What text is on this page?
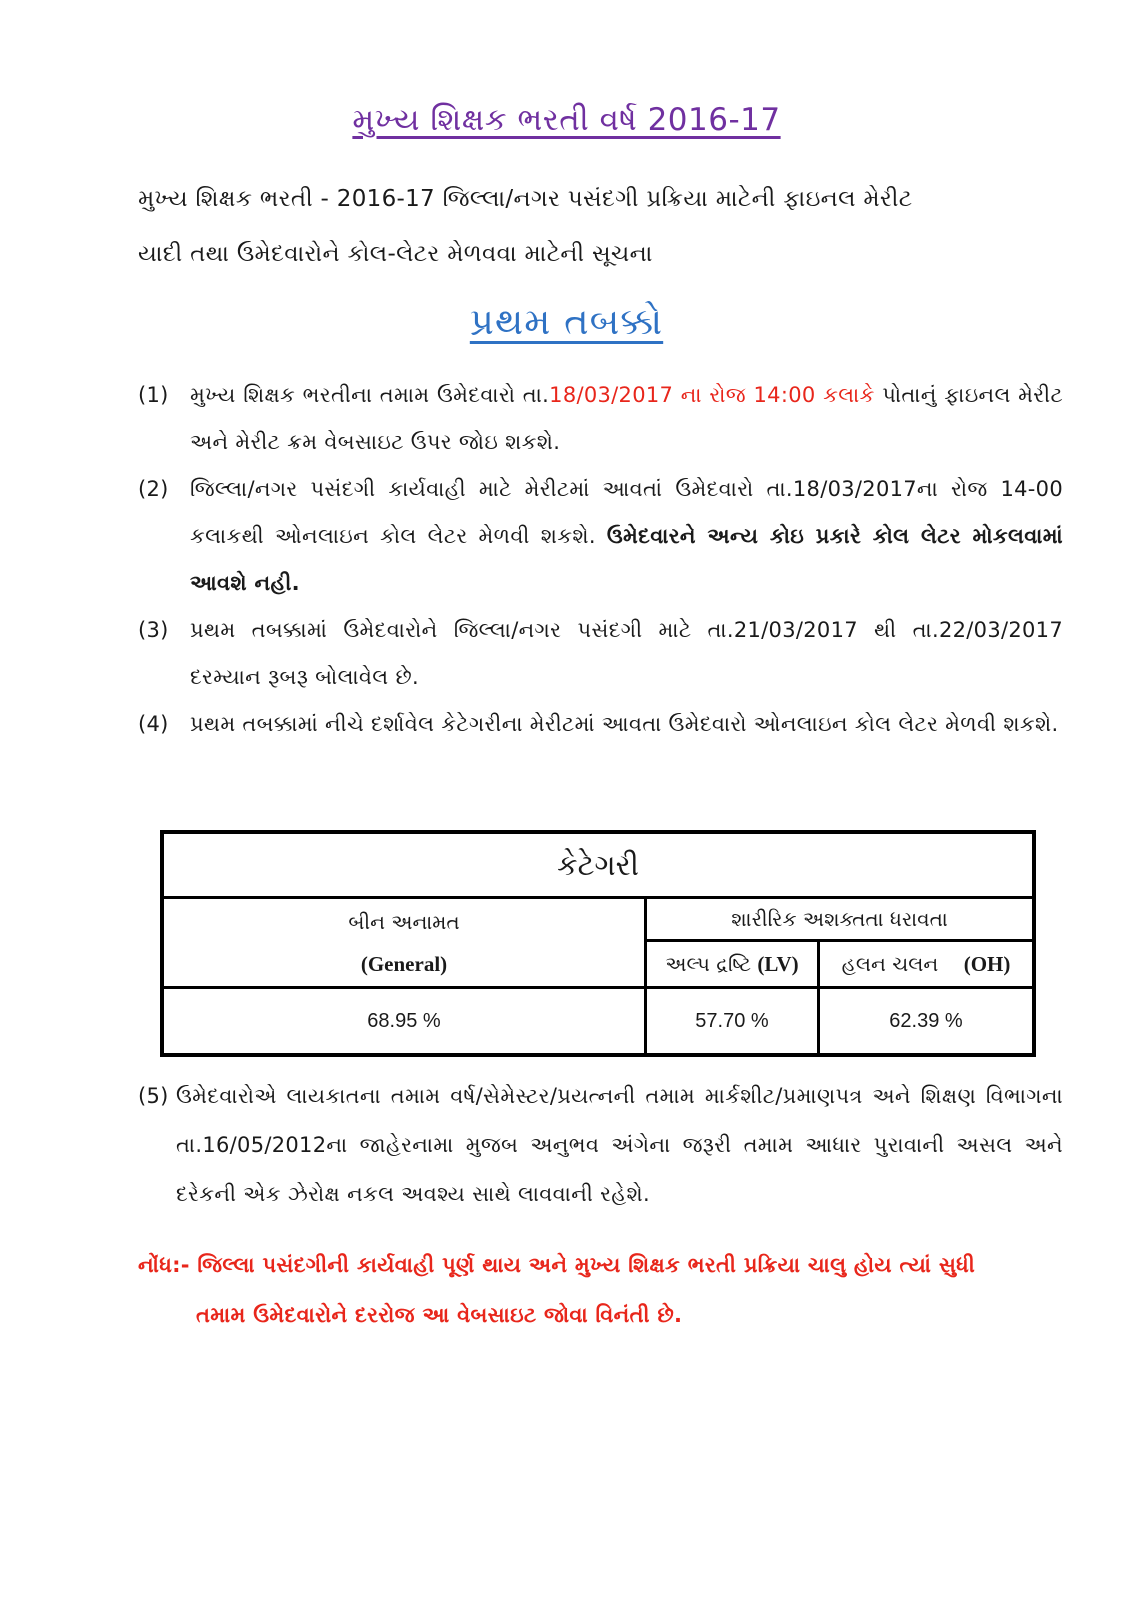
મુખ્ય શિક્ષક ભરતી વર્ષ 2016-17
મુખ્ય શિક્ષક ભરતી - 2016-17 જિલ્લા/નગર પસંદગી પ્રક્રિયા માટેની ફાઇનલ મેરીટ
યાદી તથા ઉમેદવારોને કોલ-લેટર મેળવવા માટેની સૂચના
પ્રથમ તબક્કો
(1) મુખ્ય શિક્ષક ભરતીના તમામ ઉમેદવારો તા.18/03/2017 ના રોજ 14:00 કલાકે પોતાનું ફાઇનલ મેરીટ અને મેરીટ ક્રમ વેબસાઇટ ઉપર જોઇ શકશે.
(2) જિલ્લા/નગર પસંદગી કાર્યવાહી માટે મેરીટમાં આવતાં ઉમેદવારો તા.18/03/2017ના રોજ 14-00 કલાકથી ઓનલાઇન કોલ લેટર મેળવી શકશે. ઉમેદવારને અન્ય કોઇ પ્રકારે કોલ લેટર મોકલવામાં આવશે નહી.
(3) પ્રથમ તબક્કામાં ઉમેદવારોને જિલ્લા/નગર પસંદગી માટે તા.21/03/2017 થી તા.22/03/2017 દરમ્યાન રૂબરૂ બોલાવેલ છે.
(4) પ્રથમ તબક્કામાં નીચે દર્શાવેલ કેટેગરીના મેરીટમાં આવતા ઉમેદવારો ઓનલાઇન કોલ લેટર મેળવી શકશે.
કેટેગરી		
બીન અનામત
(General)	શારીરિક અશક્તતા ધરાવતા	
	અલ્પ દ્રષ્ટિ (LV)	હલન ચલન (OH)
68.95 %	57.70 %	62.39 %
(5) ઉમેદવારોએ લાયકાતના તમામ વર્ષ/સેમેસ્ટર/પ્રયત્નની તમામ માર્કશીટ/પ્રમાણપત્ર અને શિક્ષણ વિભાગના તા.16/05/2012ના જાહેરનામા મુજબ અનુભવ અંગેના જરૂરી તમામ આધાર પુરાવાની અસલ અને દરેકની એક ઝેરોક્ષ નકલ અવશ્ય સાથે લાવવાની રહેશે.
નોંધ:- જિલ્લા પસંદગીની કાર્યવાહી પૂર્ણ થાય અને મુખ્ય શિક્ષક ભરતી પ્રક્રિયા ચાલુ હોય ત્યાં સુધી
તમામ ઉમેદવારોને દરરોજ આ વેબસાઇટ જોવા વિનંતી છે.
